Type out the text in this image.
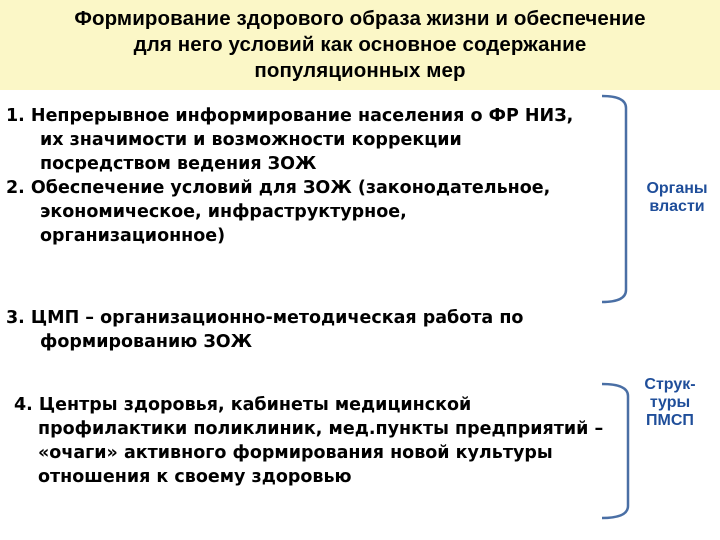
Формирование здорового образа жизни и обеспечение
для него условий как основное содержание
популяционных мер
1. Непрерывное информирование населения о ФР НИЗ,
их значимости и возможности коррекции
посредством ведения ЗОЖ
2. Обеспечение условий для ЗОЖ (законодательное,
экономическое, инфраструктурное,
организационное)
3. ЦМП – организационно-методическая работа по
формированию ЗОЖ
4. Центры здоровья, кабинеты медицинской
профилактики поликлиник, мед.пункты предприятий –
«очаги» активного формирования новой культуры
отношения к своему здоровью
Органы
власти
Струк-
туры
ПМСП
